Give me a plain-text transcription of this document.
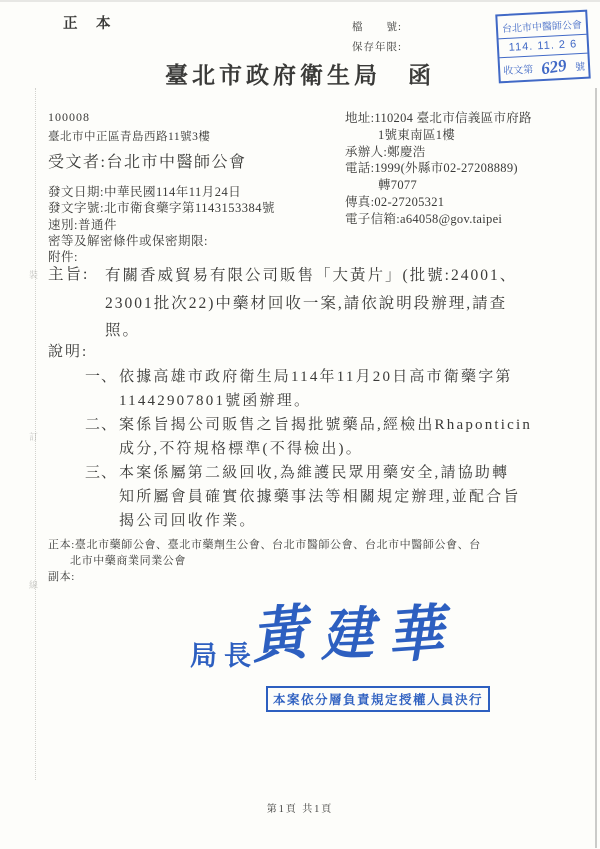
裝
訂
線
正　本	檔　　號:
保存年限:
臺北市政府衛生局　函
台北市中醫師公會
114. 11. 2 6
收文第 629 號
100008
臺北市中正區青島西路11號3樓
受文者:台北市中醫師公會
發文日期:中華民國114年11月24日
發文字號:北市衛食藥字第1143153384號
速別:普通件
密等及解密條件或保密期限:
附件:
地址:110204 臺北市信義區市府路
1號東南區1樓
承辦人:鄭慶浩
電話:1999(外縣市02-27208889)
轉7077
傳真:02-27205321
電子信箱:a64058@gov.taipei
主旨: 有關香威貿易有限公司販售「大黃片」(批號:24001、
23001批次22)中藥材回收一案,請依說明段辦理,請查
照。
說明:
一、 依據高雄市政府衛生局114年11月20日高市衛藥字第
11442907801號函辦理。
二、 案係旨揭公司販售之旨揭批號藥品,經檢出Rhaponticin
成分,不符規格標準(不得檢出)。
三、 本案係屬第二級回收,為維護民眾用藥安全,請協助轉
知所屬會員確實依據藥事法等相關規定辦理,並配合旨
揭公司回收作業。
正本:臺北市藥師公會、臺北市藥劑生公會、台北市醫師公會、台北市中醫師公會、台
北市中藥商業同業公會
副本:
局長
黃 建 華
本案依分層負責規定授權人員決行
第1頁 共1頁
